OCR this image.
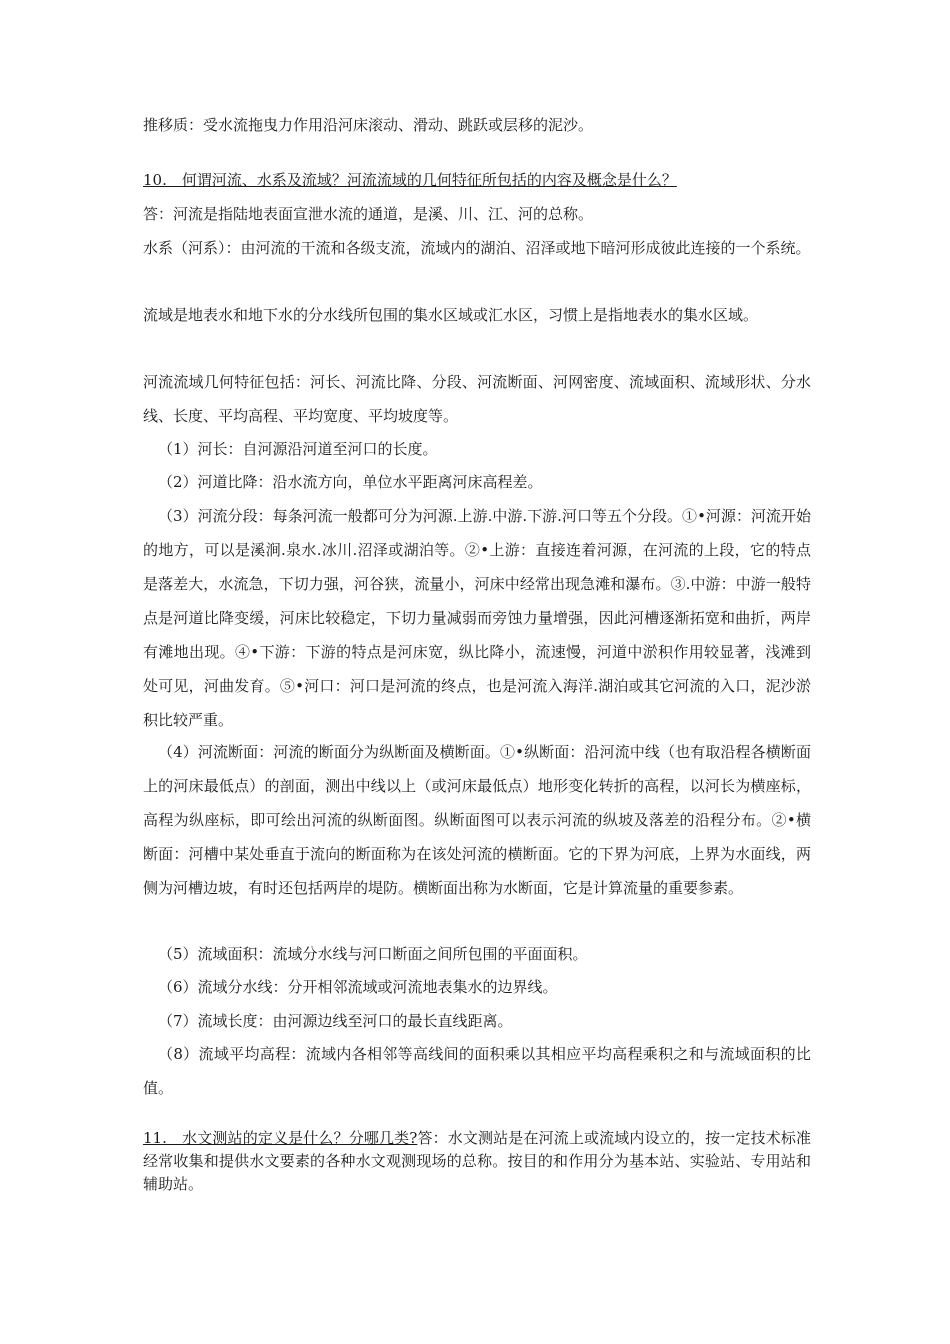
推移质：受水流拖曳力作用沿河床滚动、滑动、跳跃或层移的泥沙。

10.　何谓河流、水系及流域？河流流域的几何特征所包括的内容及概念是什么？

答：河流是指陆地表面宣泄水流的通道，是溪、川、江、河的总称。

水系（河系）：由河流的干流和各级支流，流域内的湖泊、沼泽或地下暗河形成彼此连接的一个系统。

流域是地表水和地下水的分水线所包围的集水区域或汇水区，习惯上是指地表水的集水区域。

河流流域几何特征包括：河长、河流比降、分段、河流断面、河网密度、流域面积、流域形状、分水线、长度、平均高程、平均宽度、平均坡度等。

（1）河长：自河源沿河道至河口的长度。

（2）河道比降：沿水流方向，单位水平距离河床高程差。

（3）河流分段：每条河流一般都可分为河源.上游.中游.下游.河口等五个分段。①•河源：河流开始的地方，可以是溪涧.泉水.冰川.沼泽或湖泊等。②•上游：直接连着河源，在河流的上段，它的特点是落差大，水流急，下切力强，河谷狭，流量小，河床中经常出现急滩和瀑布。③.中游：中游一般特点是河道比降变缓，河床比较稳定，下切力量减弱而旁蚀力量增强，因此河槽逐渐拓宽和曲折，两岸有滩地出现。④•下游：下游的特点是河床宽，纵比降小，流速慢，河道中淤积作用较显著，浅滩到处可见，河曲发育。⑤•河口：河口是河流的终点，也是河流入海洋.湖泊或其它河流的入口，泥沙淤积比较严重。

（4）河流断面：河流的断面分为纵断面及横断面。①•纵断面：沿河流中线（也有取沿程各横断面上的河床最低点）的剖面，测出中线以上（或河床最低点）地形变化转折的高程，以河长为横座标，高程为纵座标，即可绘出河流的纵断面图。纵断面图可以表示河流的纵坡及落差的沿程分布。②•横断面：河槽中某处垂直于流向的断面称为在该处河流的横断面。它的下界为河底，上界为水面线，两侧为河槽边坡，有时还包括两岸的堤防。横断面出称为水断面，它是计算流量的重要参素。

（5）流域面积：流域分水线与河口断面之间所包围的平面面积。

（6）流域分水线：分开相邻流域或河流地表集水的边界线。

（7）流域长度：由河源边线至河口的最长直线距离。

（8）流域平均高程：流域内各相邻等高线间的面积乘以其相应平均高程乘积之和与流域面积的比值。

11.　水文测站的定义是什么？分哪几类?答：水文测站是在河流上或流域内设立的，按一定技术标准经常收集和提供水文要素的各种水文观测现场的总称。按目的和作用分为基本站、实验站、专用站和辅助站。
